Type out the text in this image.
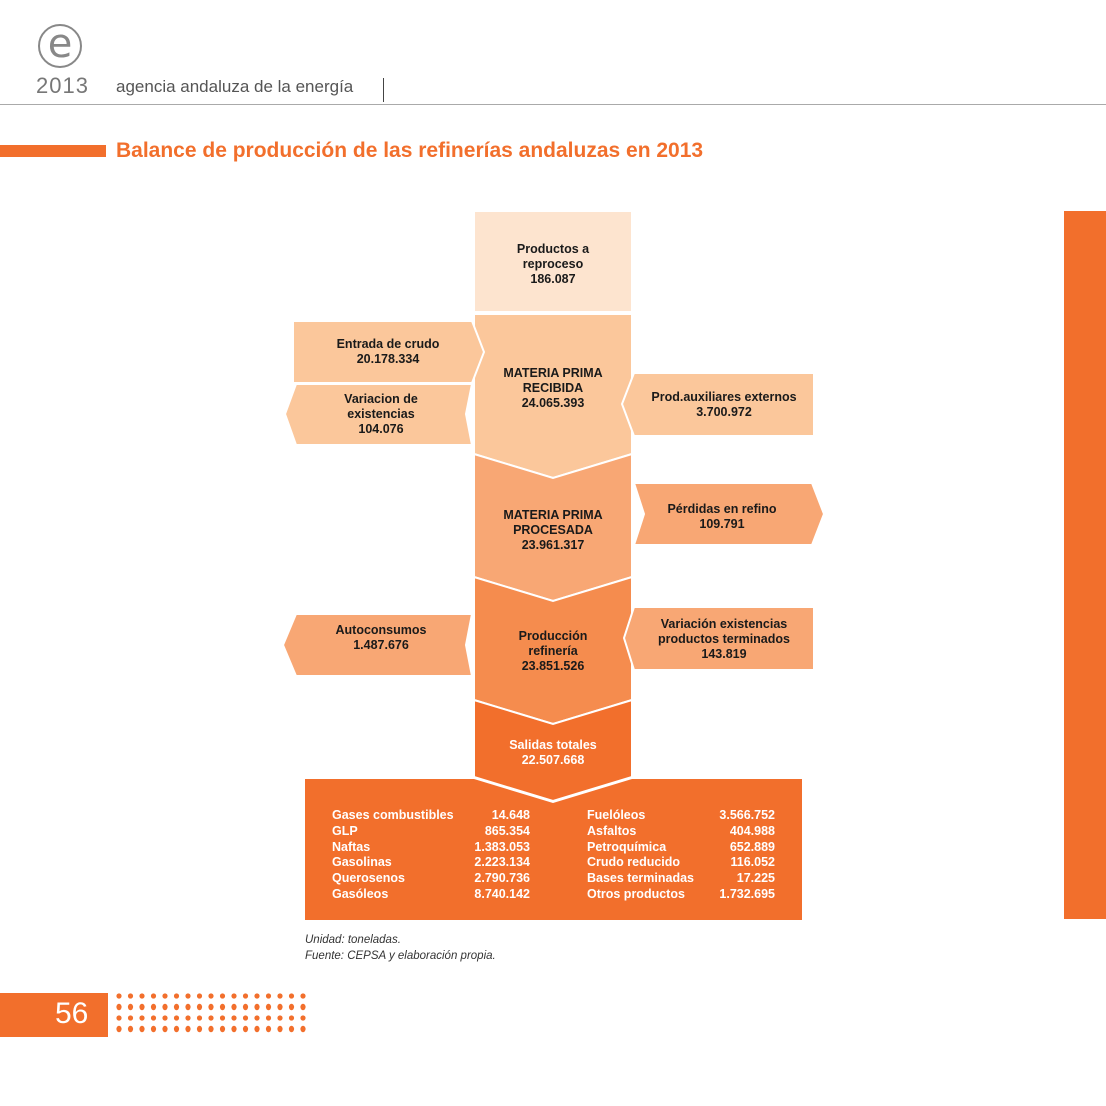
e
2013 agencia andaluza de la energía
Balance de producción de las refinerías andaluzas en 2013
Productos a reproceso
186.087
MATERIA PRIMA RECIBIDA
24.065.393
MATERIA PRIMA PROCESADA
23.961.317
Producción refinería
23.851.526
Salidas totales
22.507.668
Entrada de crudo
20.178.334
Variacion de existencias
104.076
Autoconsumos
1.487.676
Prod.auxiliares externos
3.700.972
Pérdidas en refino
109.791
Variación existencias productos terminados
143.819
Gases combustibles	14.648
GLP	865.354
Naftas	1.383.053
Gasolinas	2.223.134
Querosenos	2.790.736
Gasóleos	8.740.142
Fuelóleos	3.566.752
Asfaltos	404.988
Petroquímica	652.889
Crudo reducido	116.052
Bases terminadas	17.225
Otros productos	1.732.695
Unidad: toneladas.
Fuente: CEPSA y elaboración propia.
56
